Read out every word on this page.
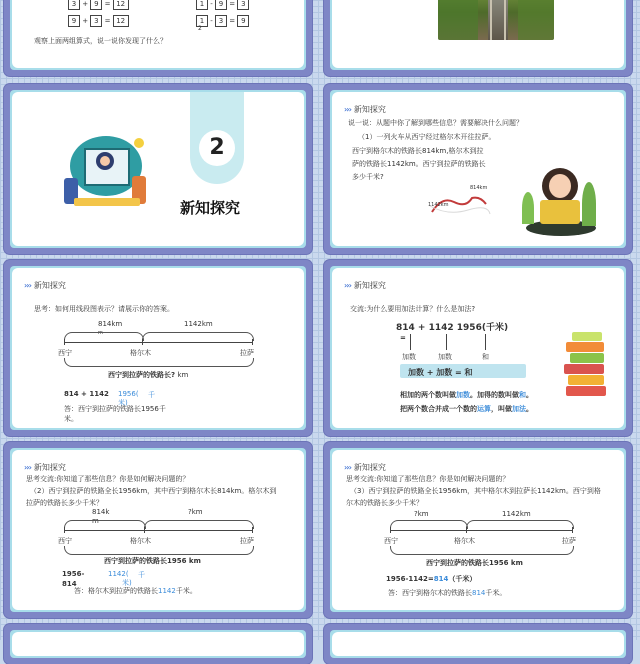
3 + 9 = 12
9 + 3 = 12
1 - 9 = 3
1 - 3 = 9
2
观察上面两组算式，说一说你发现了什么？
2
新知探究
››› 新知探究
说一说：从题中你了解到哪些信息？需要解决什么问题？
（1）一列火车从西宁经过格尔木开往拉萨。
西宁到格尔木的铁路长814km,格尔木到拉
萨的铁路长1142km。西宁到拉萨的铁路长
多少千米?
814km
1142km
››› 新知探究
思考：如何用线段图表示？请展示你的答案。
814km
m
1142km
西宁	格尔木	拉萨
西宁到拉萨的铁路长? km
814 + 1142 1956( 千
米)
答：西宁到拉萨的铁路长1956千
米。
››› 新知探究
交流:为什么要用加法计算？什么是加法?
814 + 1142 1956(千米)
=
加数	加数	和
加数 + 加数 = 和
相加的两个数叫做加数。加得的数叫做和。
把两个数合并成一个数的运算，叫做加法。
››› 新知探究
思考交流:你知道了那些信息？你是如何解决问题的？
（2）西宁到拉萨的铁路全长1956km，其中西宁到格尔木长814km。格尔木到
拉萨的铁路长多少千米？
814k
m
?km
西宁	格尔木	拉萨
西宁到拉萨的铁路长1956 km
1956-
814
1142( 千
米)
答：格尔木到拉萨的铁路长1142千米。
››› 新知探究
思考交流:你知道了那些信息？你是如何解决问题的？
（3）西宁到拉萨的铁路全长1956km，其中格尔木到拉萨长1142km。西宁到格
尔木的铁路长多少千米？
?km	1142km
西宁	格尔木	拉萨
西宁到拉萨的铁路长1956 km
1956-1142=814（千米）
答：西宁到格尔木的铁路长814千米。
